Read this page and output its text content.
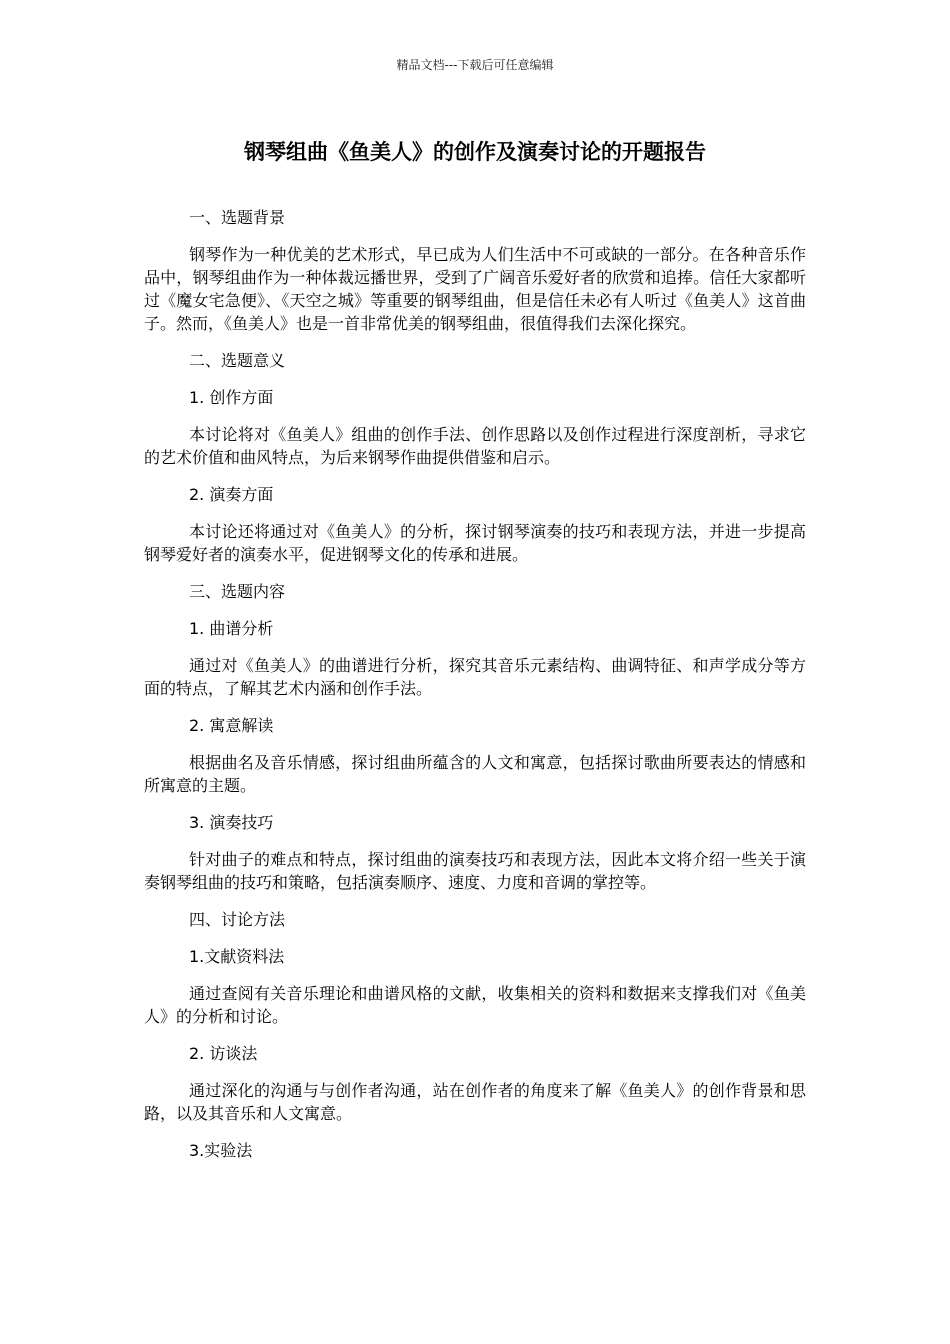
精品文档---下载后可任意编辑
钢琴组曲《鱼美人》的创作及演奏讨论的开题报告
一、选题背景

钢琴作为一种优美的艺术形式，早已成为人们生活中不可或缺的一部分。在各种音乐作品中，钢琴组曲作为一种体裁远播世界，受到了广阔音乐爱好者的欣赏和追捧。信任大家都听过《魔女宅急便》、《天空之城》等重要的钢琴组曲，但是信任未必有人听过《鱼美人》这首曲子。然而，《鱼美人》也是一首非常优美的钢琴组曲，很值得我们去深化探究。

二、选题意义
1. 创作方面

本讨论将对《鱼美人》组曲的创作手法、创作思路以及创作过程进行深度剖析，寻求它的艺术价值和曲风特点，为后来钢琴作曲提供借鉴和启示。

2. 演奏方面

本讨论还将通过对《鱼美人》的分析，探讨钢琴演奏的技巧和表现方法，并进一步提高钢琴爱好者的演奏水平，促进钢琴文化的传承和进展。

三、选题内容
1. 曲谱分析

通过对《鱼美人》的曲谱进行分析，探究其音乐元素结构、曲调特征、和声学成分等方面的特点，了解其艺术内涵和创作手法。

2. 寓意解读

根据曲名及音乐情感，探讨组曲所蕴含的人文和寓意，包括探讨歌曲所要表达的情感和所寓意的主题。

3. 演奏技巧

针对曲子的难点和特点，探讨组曲的演奏技巧和表现方法，因此本文将介绍一些关于演奏钢琴组曲的技巧和策略，包括演奏顺序、速度、力度和音调的掌控等。

四、讨论方法
1.文献资料法

通过查阅有关音乐理论和曲谱风格的文献，收集相关的资料和数据来支撑我们对《鱼美人》的分析和讨论。

2. 访谈法

通过深化的沟通与与创作者沟通，站在创作者的角度来了解《鱼美人》的创作背景和思路，以及其音乐和人文寓意。

3.实验法
